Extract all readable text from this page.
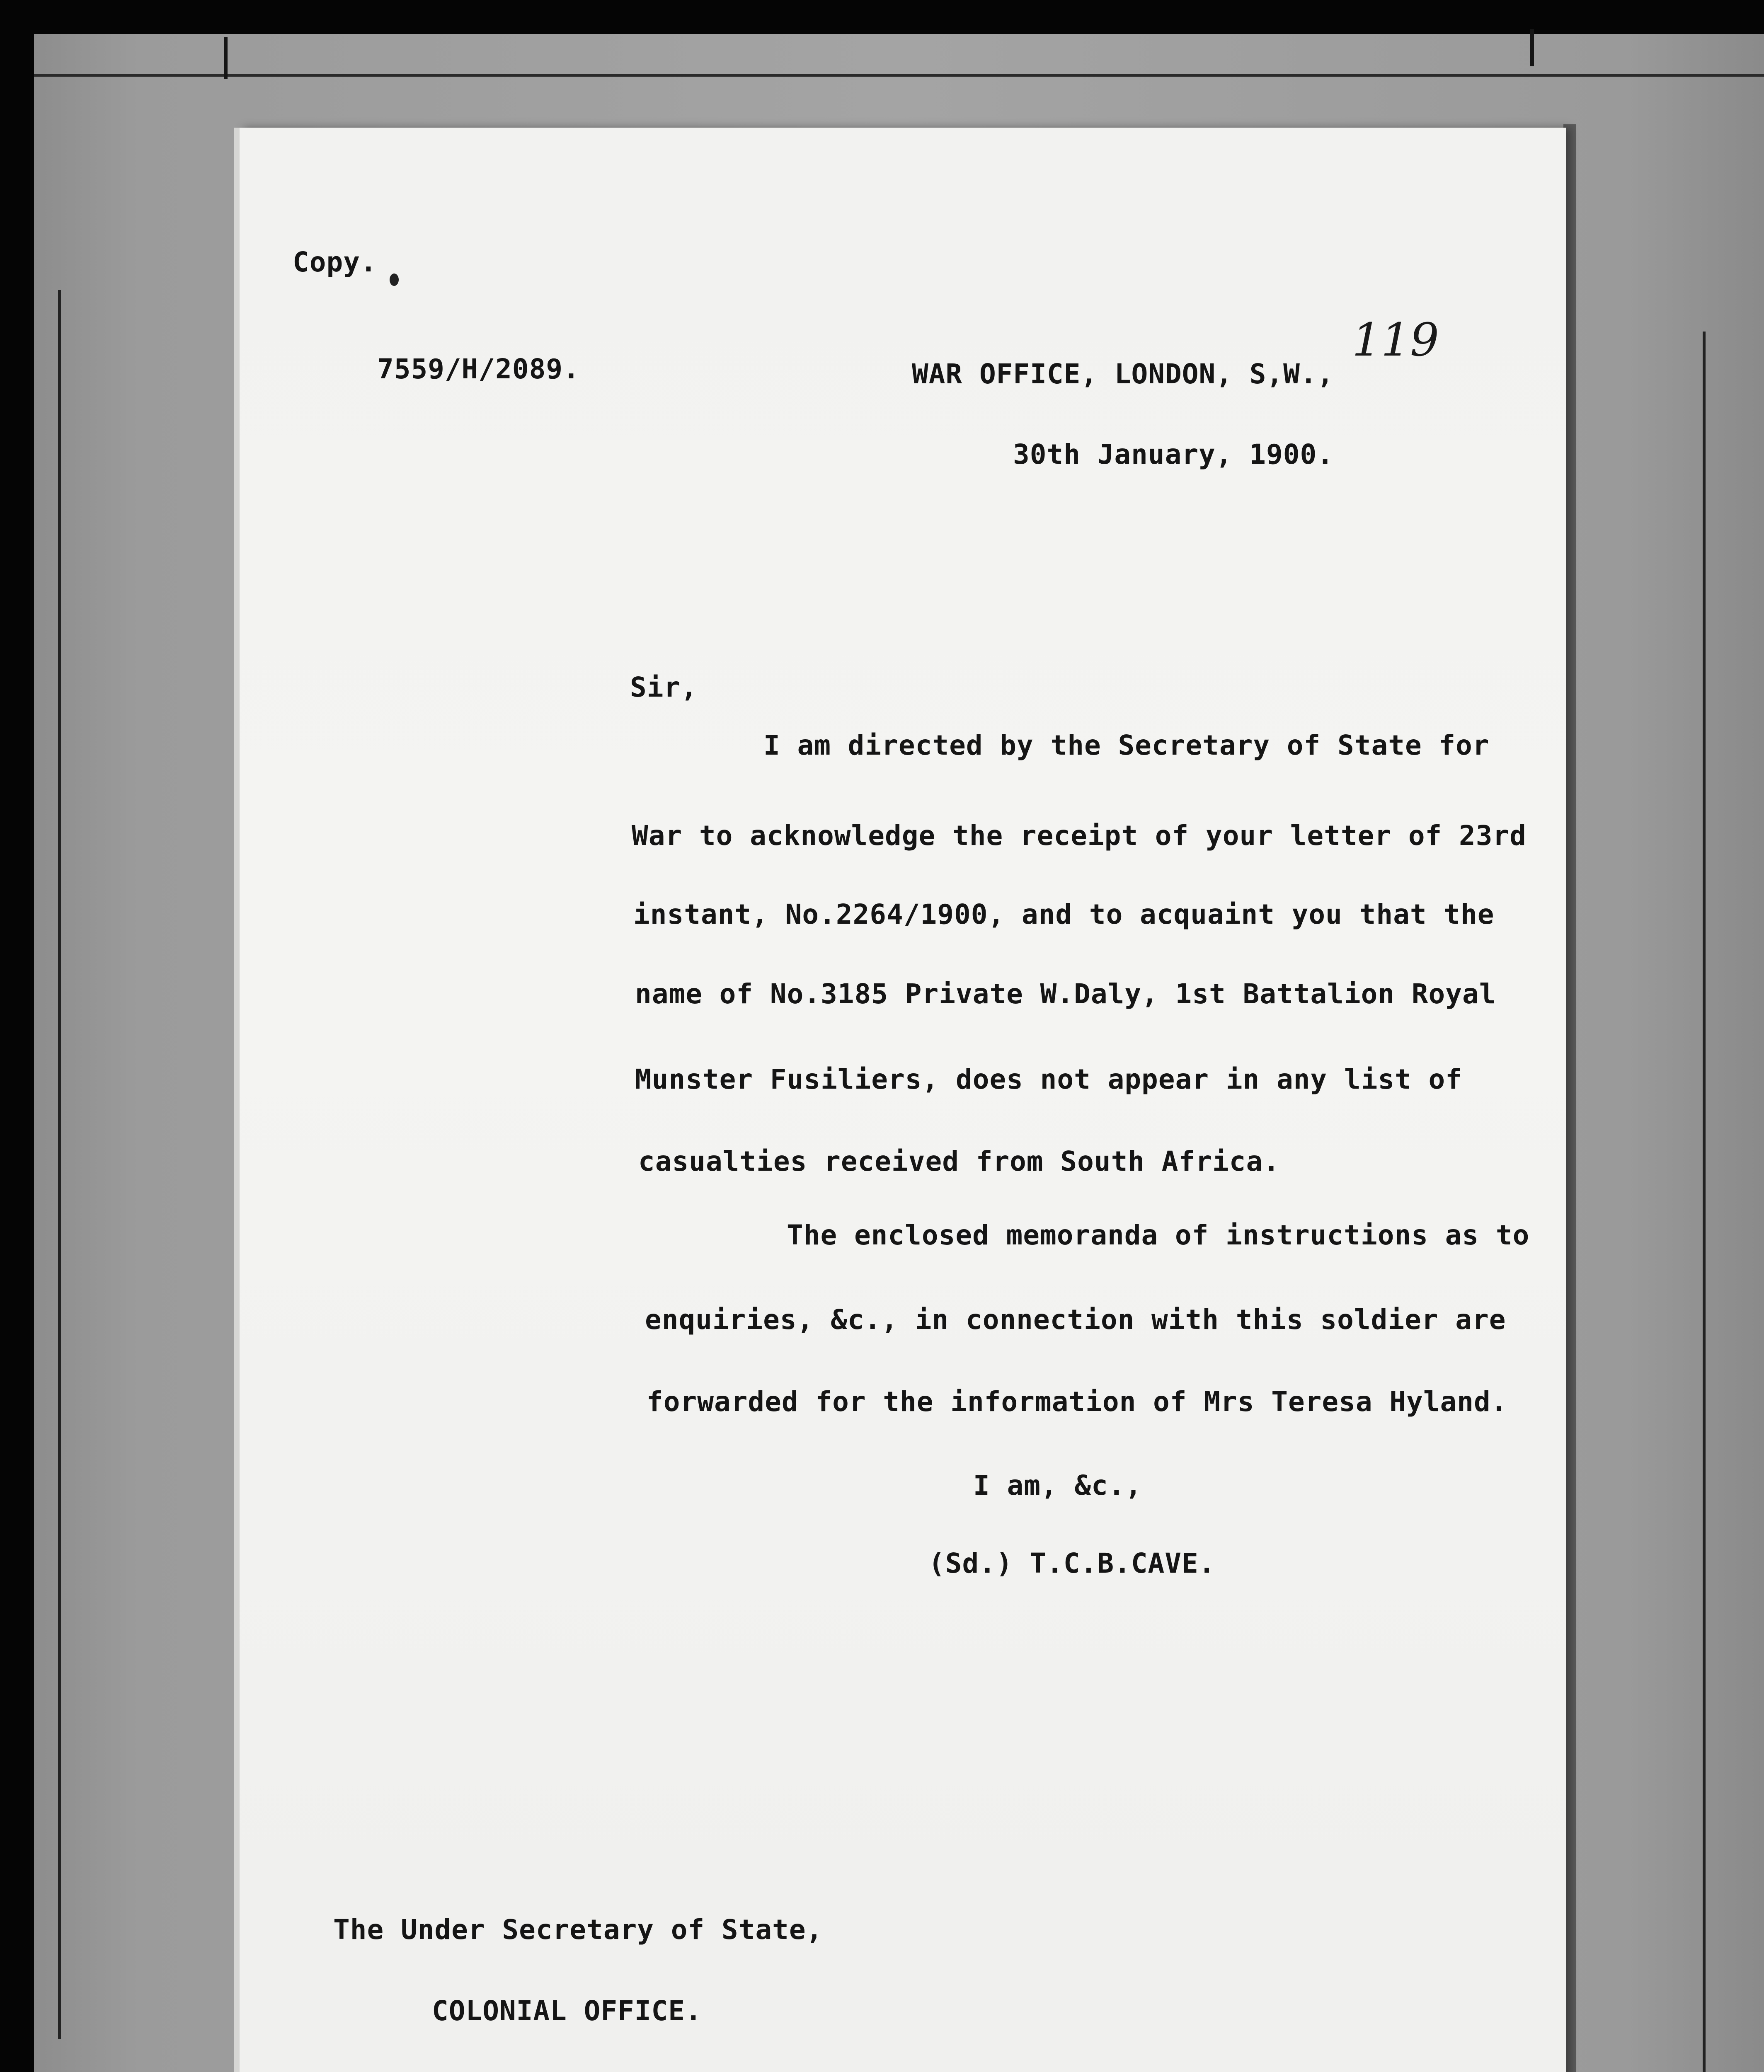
Copy.
7559/H/2089.	WAR OFFICE, LONDON, S,W.,
119
30th January, 1900.
Sir,
I am directed by the Secretary of State for
War to acknowledge the receipt of your letter of 23rd
instant, No.2264/1900, and to acquaint you that the
name of No.3185 Private W.Daly, 1st Battalion Royal
Munster Fusiliers, does not appear in any list of
casualties received from South Africa.
The enclosed memoranda of instructions as to
enquiries, &c., in connection with this soldier are
forwarded for the information of Mrs Teresa Hyland.
I am, &c.,
(Sd.) T.C.B.CAVE.
The Under Secretary of State,
COLONIAL OFFICE.
